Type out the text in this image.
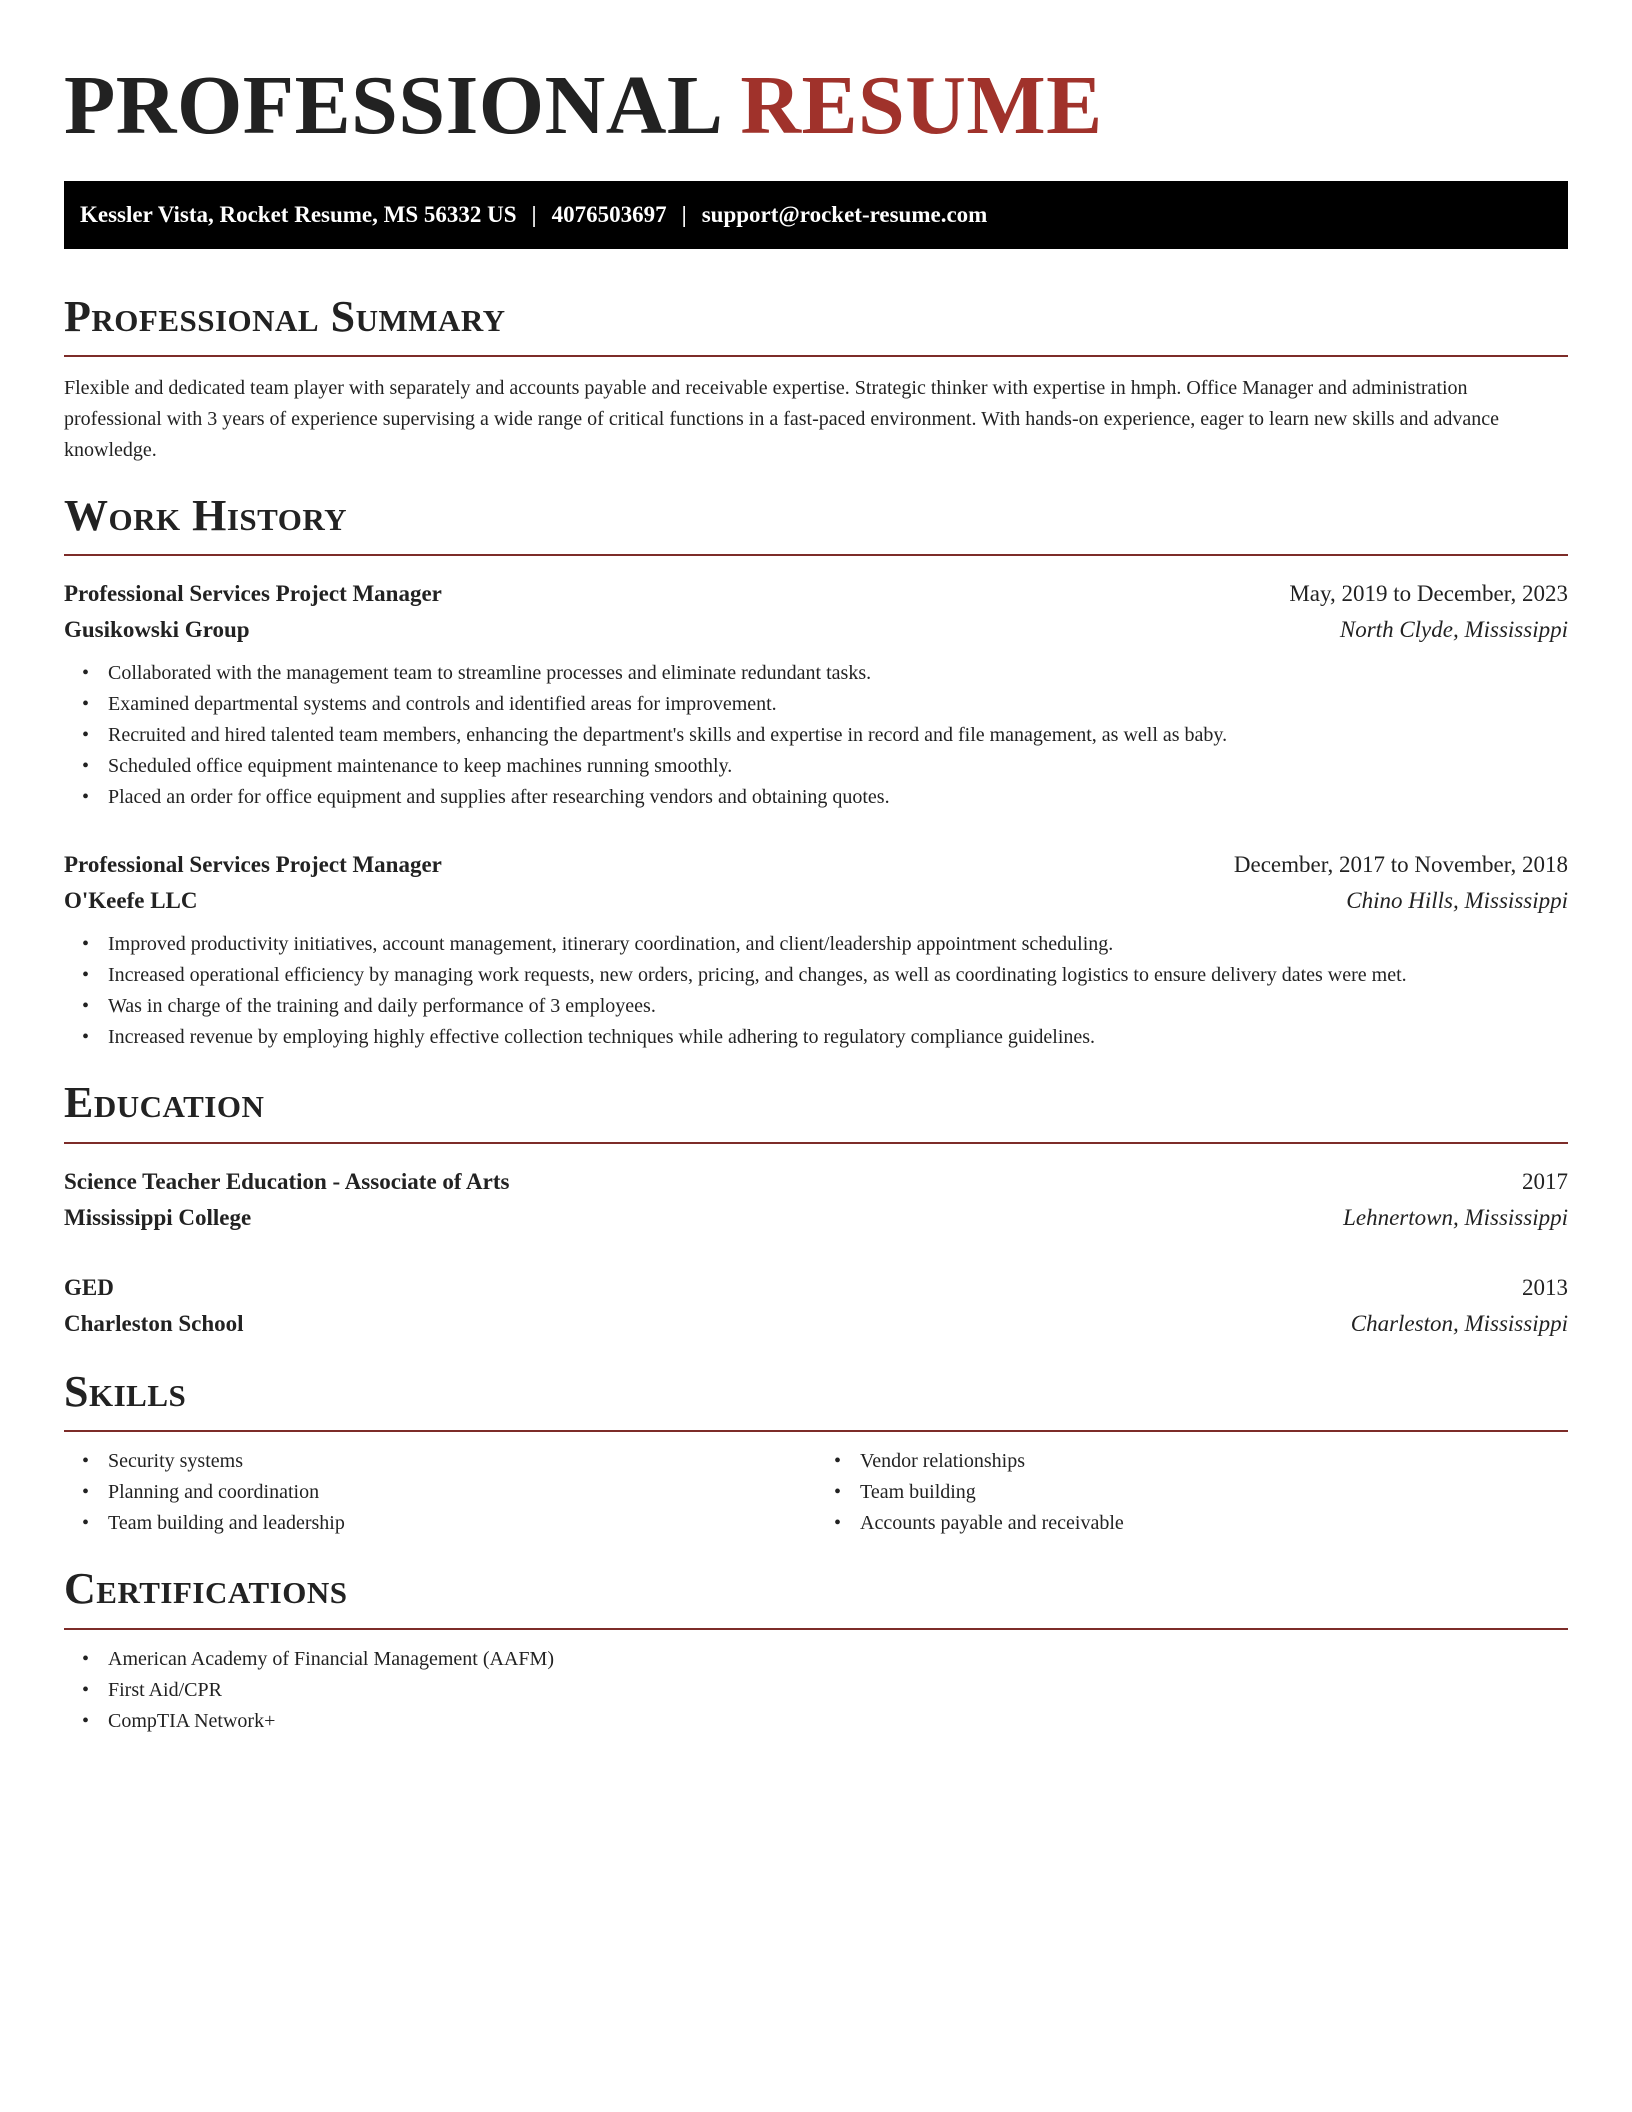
PROFESSIONAL RESUME
Kessler Vista, Rocket Resume, MS 56332 US | 4076503697 | support@rocket-resume.com
Professional Summary

Flexible and dedicated team player with separately and accounts payable and receivable expertise. Strategic thinker with expertise in hmph. Office Manager and administration professional with 3 years of experience supervising a wide range of critical functions in a fast-paced environment. With hands-on experience, eager to learn new skills and advance knowledge.

Work History
Professional Services Project Manager	May, 2019 to December, 2023
Gusikowski Group	North Clyde, Mississippi
• Collaborated with the management team to streamline processes and eliminate redundant tasks.
• Examined departmental systems and controls and identified areas for improvement.
• Recruited and hired talented team members, enhancing the department's skills and expertise in record and file management, as well as baby.
• Scheduled office equipment maintenance to keep machines running smoothly.
• Placed an order for office equipment and supplies after researching vendors and obtaining quotes.
Professional Services Project Manager	December, 2017 to November, 2018
O'Keefe LLC	Chino Hills, Mississippi
• Improved productivity initiatives, account management, itinerary coordination, and client/leadership appointment scheduling.
• Increased operational efficiency by managing work requests, new orders, pricing, and changes, as well as coordinating logistics to ensure delivery dates were met.
• Was in charge of the training and daily performance of 3 employees.
• Increased revenue by employing highly effective collection techniques while adhering to regulatory compliance guidelines.
Education
Science Teacher Education - Associate of Arts	2017
Mississippi College	Lehnertown, Mississippi
GED	2013
Charleston School	Charleston, Mississippi
Skills
• Security systems
• Planning and coordination
• Team building and leadership
• Vendor relationships
• Team building
• Accounts payable and receivable
Certifications
• American Academy of Financial Management (AAFM)
• First Aid/CPR
• CompTIA Network+
